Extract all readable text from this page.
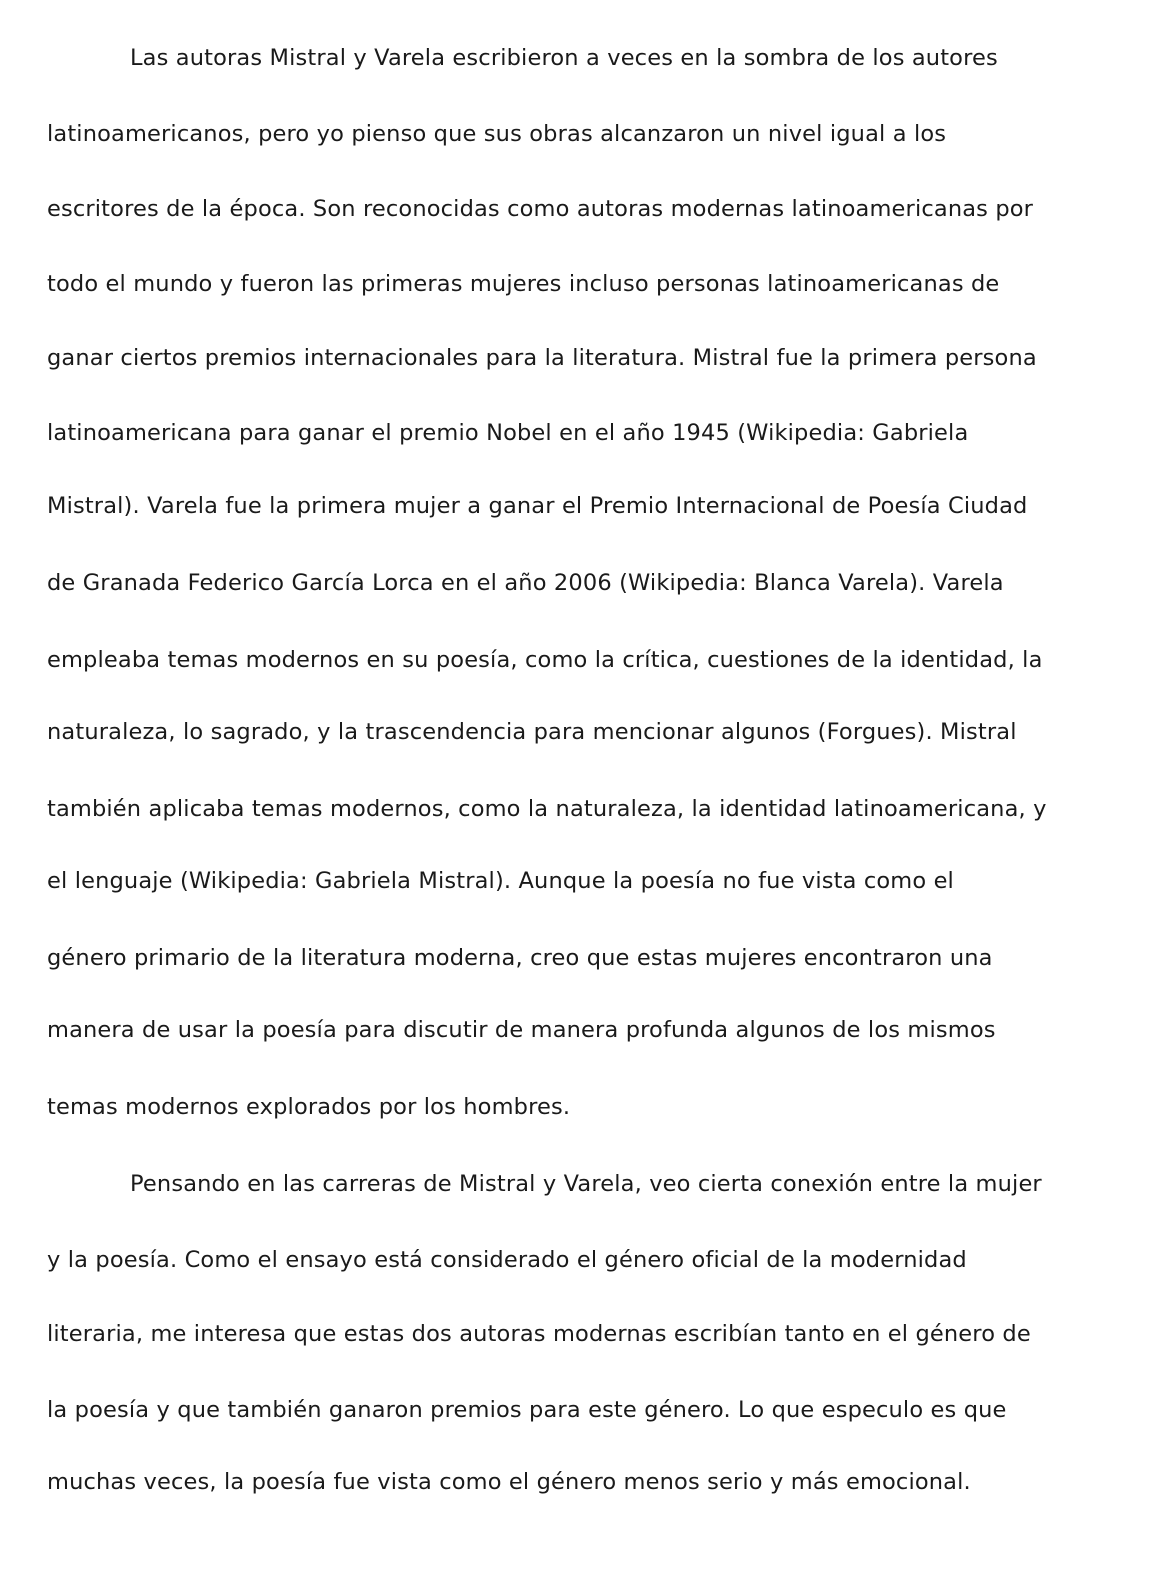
Las autoras Mistral y Varela escribieron a veces en la sombra de los autores
latinoamericanos, pero yo pienso que sus obras alcanzaron un nivel igual a los
escritores de la época. Son reconocidas como autoras modernas latinoamericanas por
todo el mundo y fueron las primeras mujeres incluso personas latinoamericanas de
ganar ciertos premios internacionales para la literatura. Mistral fue la primera persona
latinoamericana para ganar el premio Nobel en el año 1945 (Wikipedia: Gabriela
Mistral). Varela fue la primera mujer a ganar el Premio Internacional de Poesía Ciudad
de Granada Federico García Lorca en el año 2006 (Wikipedia: Blanca Varela). Varela
empleaba temas modernos en su poesía, como la crítica, cuestiones de la identidad, la
naturaleza, lo sagrado, y la trascendencia para mencionar algunos (Forgues). Mistral
también aplicaba temas modernos, como la naturaleza, la identidad latinoamericana, y
el lenguaje (Wikipedia: Gabriela Mistral). Aunque la poesía no fue vista como el
género primario de la literatura moderna, creo que estas mujeres encontraron una
manera de usar la poesía para discutir de manera profunda algunos de los mismos
temas modernos explorados por los hombres.
Pensando en las carreras de Mistral y Varela, veo cierta conexión entre la mujer
y la poesía. Como el ensayo está considerado el género oficial de la modernidad
literaria, me interesa que estas dos autoras modernas escribían tanto en el género de
la poesía y que también ganaron premios para este género. Lo que especulo es que
muchas veces, la poesía fue vista como el género menos serio y más emocional.
